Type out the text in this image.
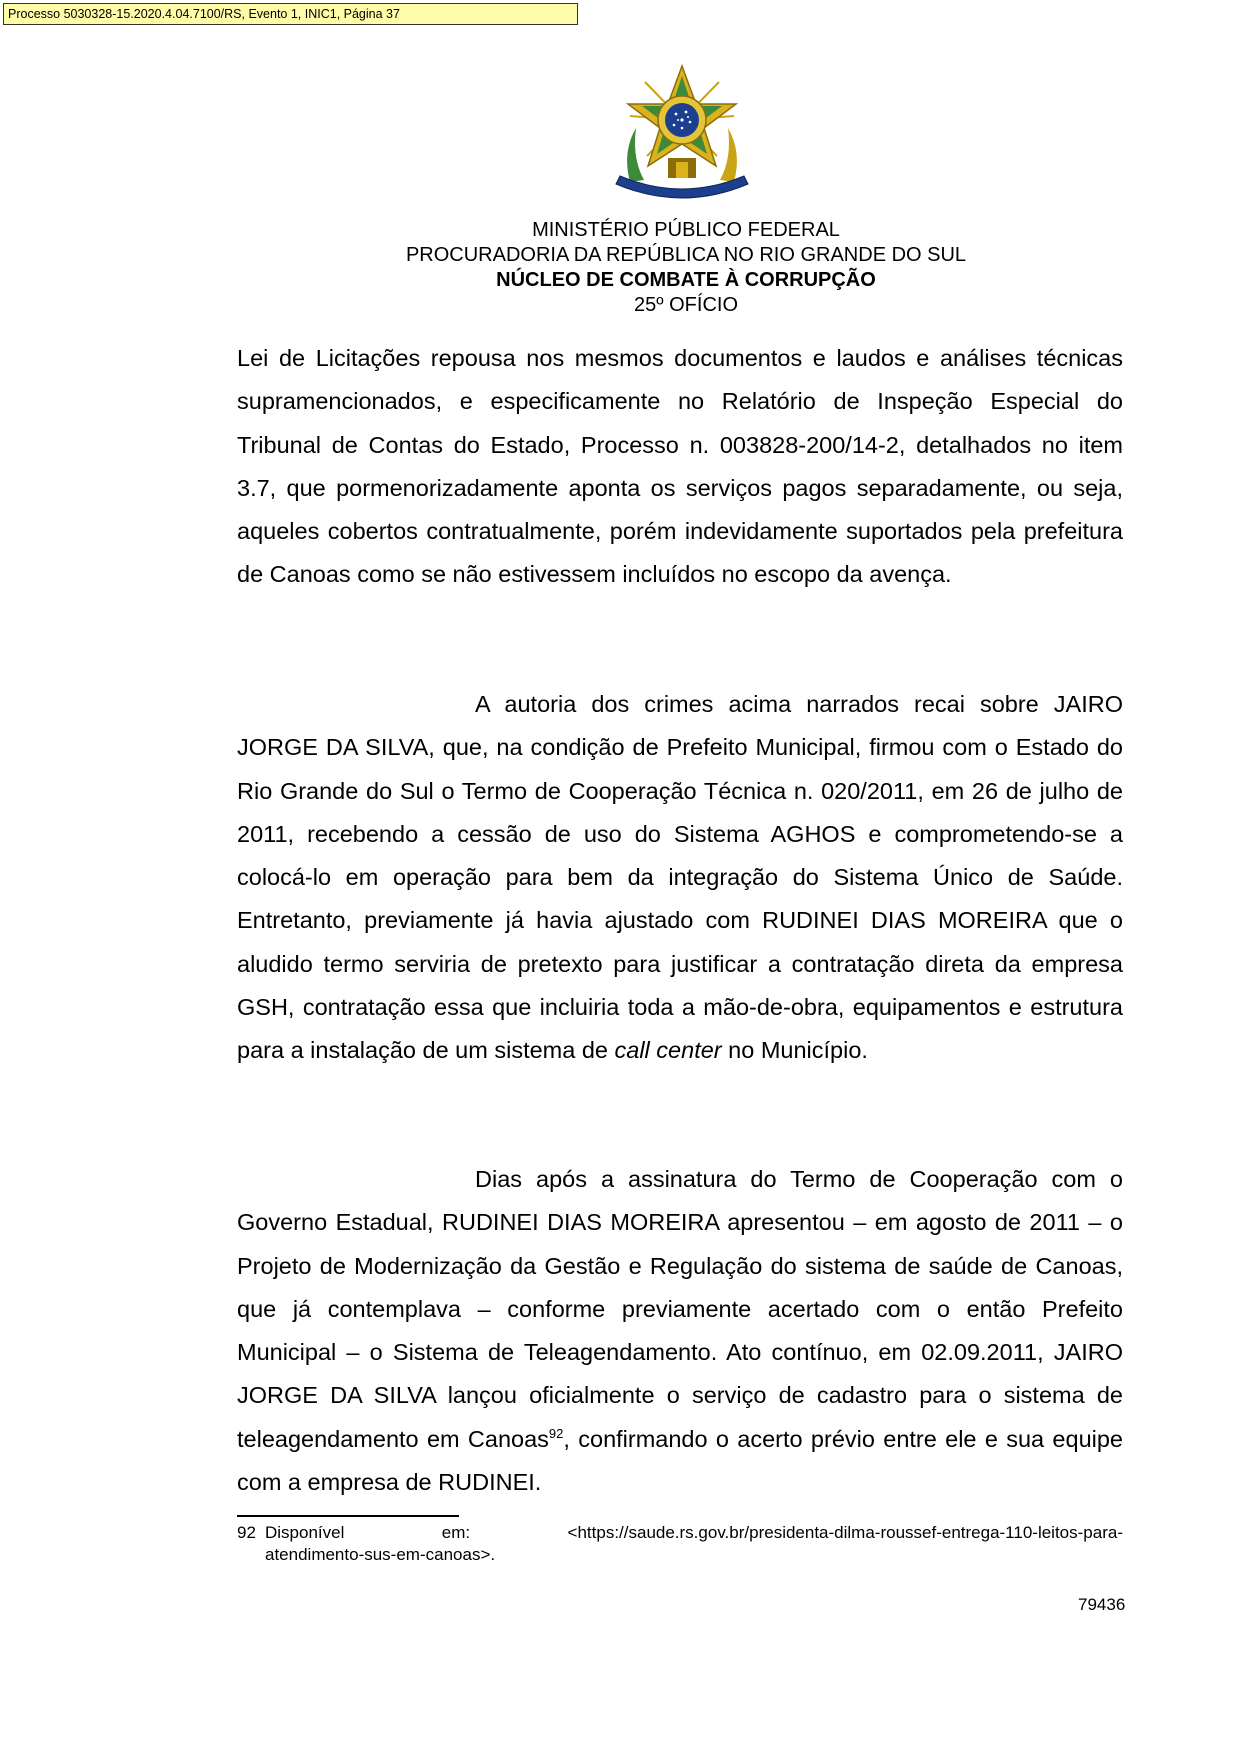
Processo 5030328-15.2020.4.04.7100/RS, Evento 1, INIC1, Página 37
MINISTÉRIO PÚBLICO FEDERAL
PROCURADORIA DA REPÚBLICA NO RIO GRANDE DO SUL
NÚCLEO DE COMBATE À CORRUPÇÃO
25º OFÍCIO
Lei de Licitações repousa nos mesmos documentos e laudos e análises técnicas supramencionados, e especificamente no Relatório de Inspeção Especial do Tribunal de Contas do Estado, Processo n. 003828-200/14-2, detalhados no item 3.7, que pormenorizadamente aponta os serviços pagos separadamente, ou seja, aqueles cobertos contratualmente, porém indevidamente suportados pela prefeitura de Canoas como se não estivessem incluídos no escopo da avença.
A autoria dos crimes acima narrados recai sobre JAIRO JORGE DA SILVA, que, na condição de Prefeito Municipal, firmou com o Estado do Rio Grande do Sul o Termo de Cooperação Técnica n. 020/2011, em 26 de julho de 2011, recebendo a cessão de uso do Sistema AGHOS e comprometendo-se a colocá-lo em operação para bem da integração do Sistema Único de Saúde. Entretanto, previamente já havia ajustado com RUDINEI DIAS MOREIRA que o aludido termo serviria de pretexto para justificar a contratação direta da empresa GSH, contratação essa que incluiria toda a mão-de-obra, equipamentos e estrutura para a instalação de um sistema de call center no Município.
Dias após a assinatura do Termo de Cooperação com o Governo Estadual, RUDINEI DIAS MOREIRA apresentou – em agosto de 2011 – o Projeto de Modernização da Gestão e Regulação do sistema de saúde de Canoas, que já contemplava – conforme previamente acertado com o então Prefeito Municipal – o Sistema de Teleagendamento. Ato contínuo, em 02.09.2011, JAIRO JORGE DA SILVA lançou oficialmente o serviço de cadastro para o sistema de teleagendamento em Canoas$^{92}$, confirmando o acerto prévio entre ele e sua equipe com a empresa de RUDINEI.
92 Disponível	em:	<https://saude.rs.gov.br/presidenta-dilma-roussef-entrega-110-leitos-para-
atendimento-sus-em-canoas>.
79436
